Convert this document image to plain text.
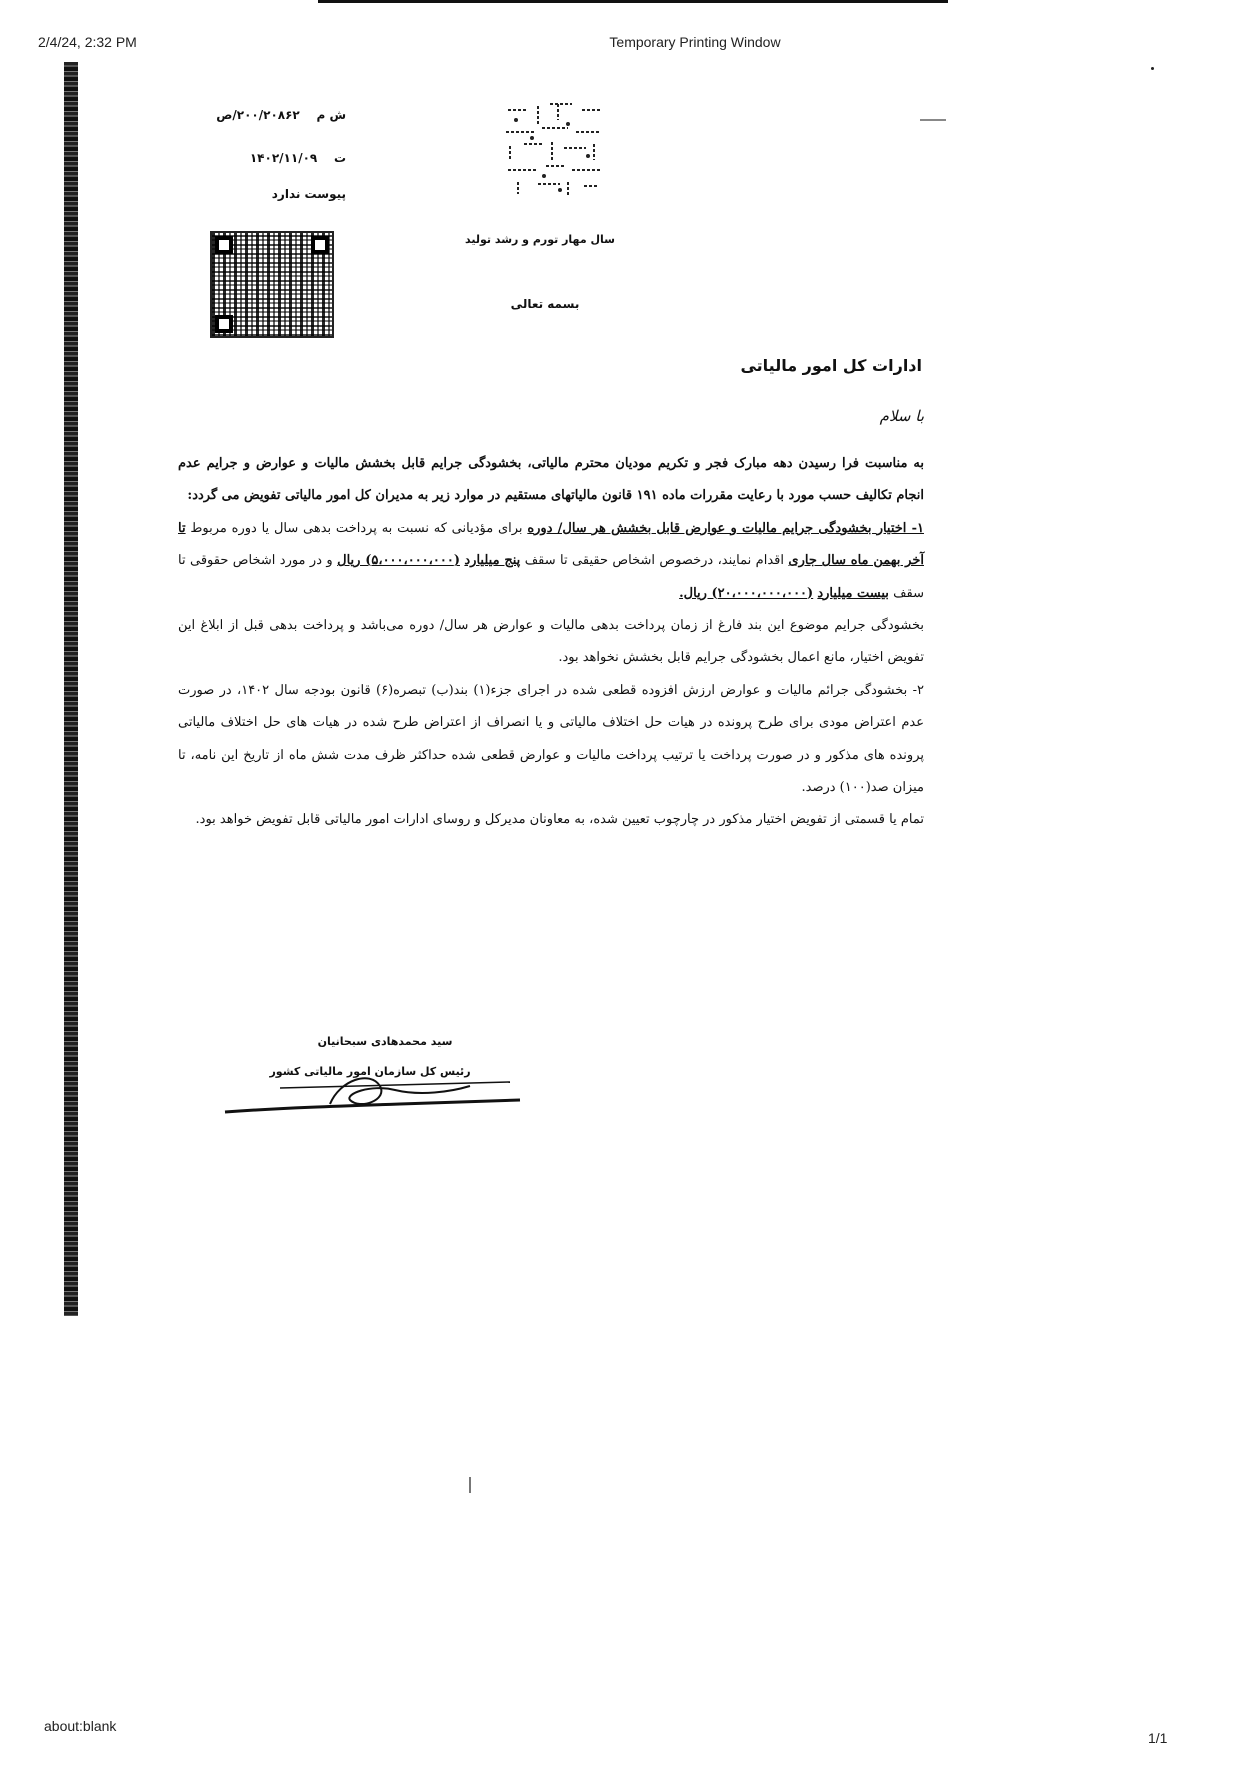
2/4/24, 2:32 PM	Temporary Printing Window
ش م    ۲۰۰/۲۰۸۶۲/ص
ت    ۱۴۰۲/۱۱/۰۹
پیوست ندارد
سال مهار تورم و رشد تولید
بسمه تعالی
ادارات کل امور مالیاتی
با سلام

به مناسبت فرا رسیدن دهه مبارک فجر و تکریم مودیان محترم مالیاتی، بخشودگی جرایم قابل بخشش مالیات و عوارض و جرایم عدم انجام تکالیف حسب مورد با رعایت مقررات ماده ۱۹۱ قانون مالیاتهای مستقیم در موارد زیر به مدیران کل امور مالیاتی تفویض می گردد:

۱- اختیار بخشودگی جرایم مالیات و عوارض قابل بخشش هر سال/ دوره برای مؤدیانی که نسبت به پرداخت بدهی سال یا دوره مربوط تا آخر بهمن ماه سال جاری اقدام نمایند، درخصوص اشخاص حقیقی تا سقف پنج میلیارد (۵،۰۰۰،۰۰۰،۰۰۰) ریال و در مورد اشخاص حقوقی تا سقف بیست میلیارد (۲۰،۰۰۰،۰۰۰،۰۰۰) ریال.

بخشودگی جرایم موضوع این بند فارغ از زمان پرداخت بدهی مالیات و عوارض هر سال/ دوره می‌باشد و پرداخت بدهی قبل از ابلاغ این تفویض اختیار، مانع اعمال بخشودگی جرایم قابل بخشش نخواهد بود.

۲- بخشودگی جرائم مالیات و عوارض ارزش افزوده قطعی شده در اجرای جزء(۱) بند(ب) تبصره(۶) قانون بودجه سال ۱۴۰۲، در صورت عدم اعتراض مودی برای طرح پرونده در هیات حل اختلاف مالیاتی و یا انصراف از اعتراض طرح شده در هیات های حل اختلاف مالیاتی پرونده های مذکور و در صورت پرداخت یا ترتیب پرداخت مالیات و عوارض قطعی شده حداکثر ظرف مدت شش ماه از تاریخ این نامه، تا میزان صد(۱۰۰) درصد.

تمام یا قسمتی از تفویض اختیار مذکور در چارچوب تعیین شده، به معاونان مدیرکل و روسای ادارات امور مالیاتی قابل تفویض خواهد بود.

سید محمدهادی سبحانیان
رئیس کل سازمان امور مالیاتی کشور
about:blank
1/1
